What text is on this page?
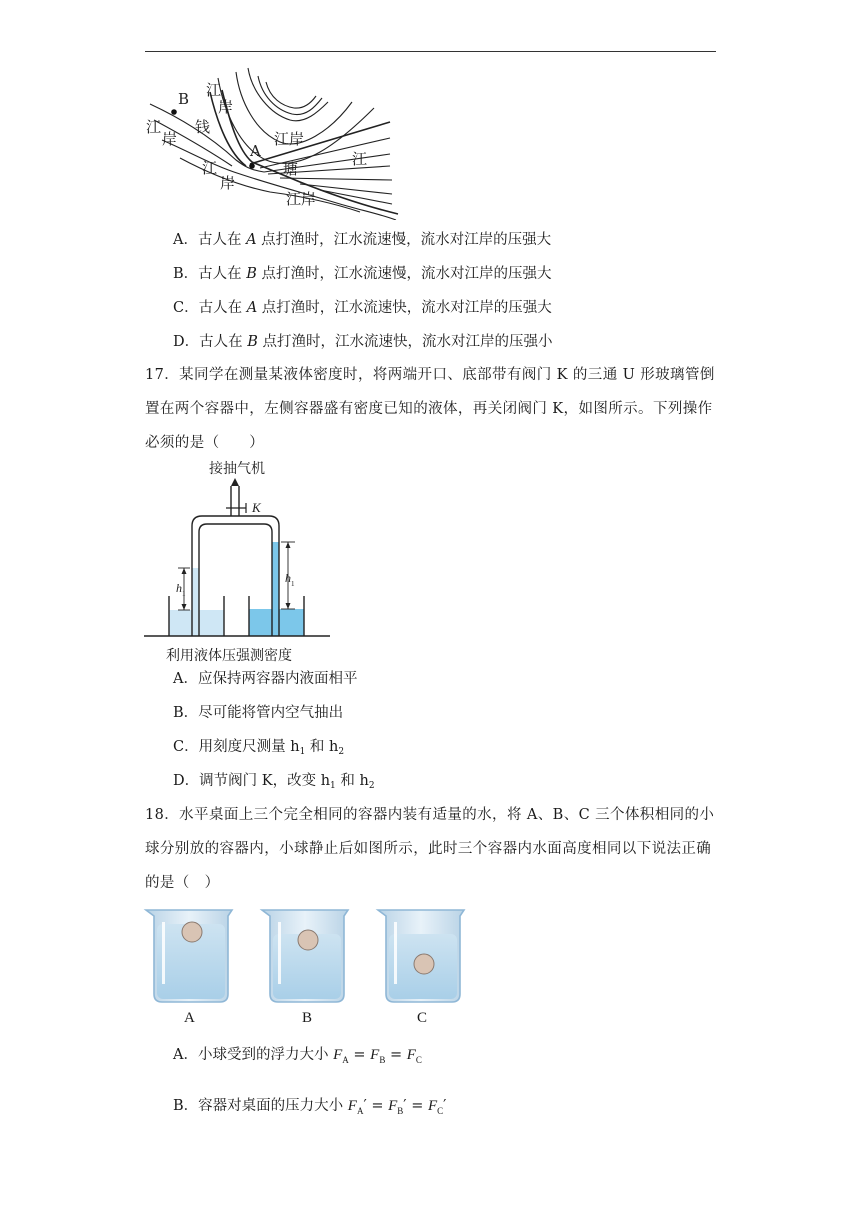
B 江
岸
钱
江
岸	江岸
A
江
岸
塘
江
江岸
A．古人在 A 点打渔时，江水流速慢，流水对江岸的压强大
B．古人在 B 点打渔时，江水流速慢，流水对江岸的压强大
C．古人在 A 点打渔时，江水流速快，流水对江岸的压强大
D．古人在 B 点打渔时，江水流速快，流水对江岸的压强小
17．某同学在测量某液体密度时，将两端开口、底部带有阀门 K 的三通 U 形玻璃管倒置在两个容器中，左侧容器盛有密度已知的液体，再关闭阀门 K，如图所示。下列操作必须的是（　　）
接抽气机
K
h 1
h 1
利用液体压强测密度
A．应保持两容器内液面相平
B．尽可能将管内空气抽出
C．用刻度尺测量 $h_1$ 和 $h_2$
D．调节阀门 K，改变 $h_1$ 和 $h_2$
18．水平桌面上三个完全相同的容器内装有适量的水，将 A、B、C 三个体积相同的小球分别放的容器内，小球静止后如图所示，此时三个容器内水面高度相同以下说法正确的是（　）
A	B	C
A．小球受到的浮力大小 $F_A = F_B = F_C$
B．容器对桌面的压力大小 $F_A' = F_B' = F_C'$
